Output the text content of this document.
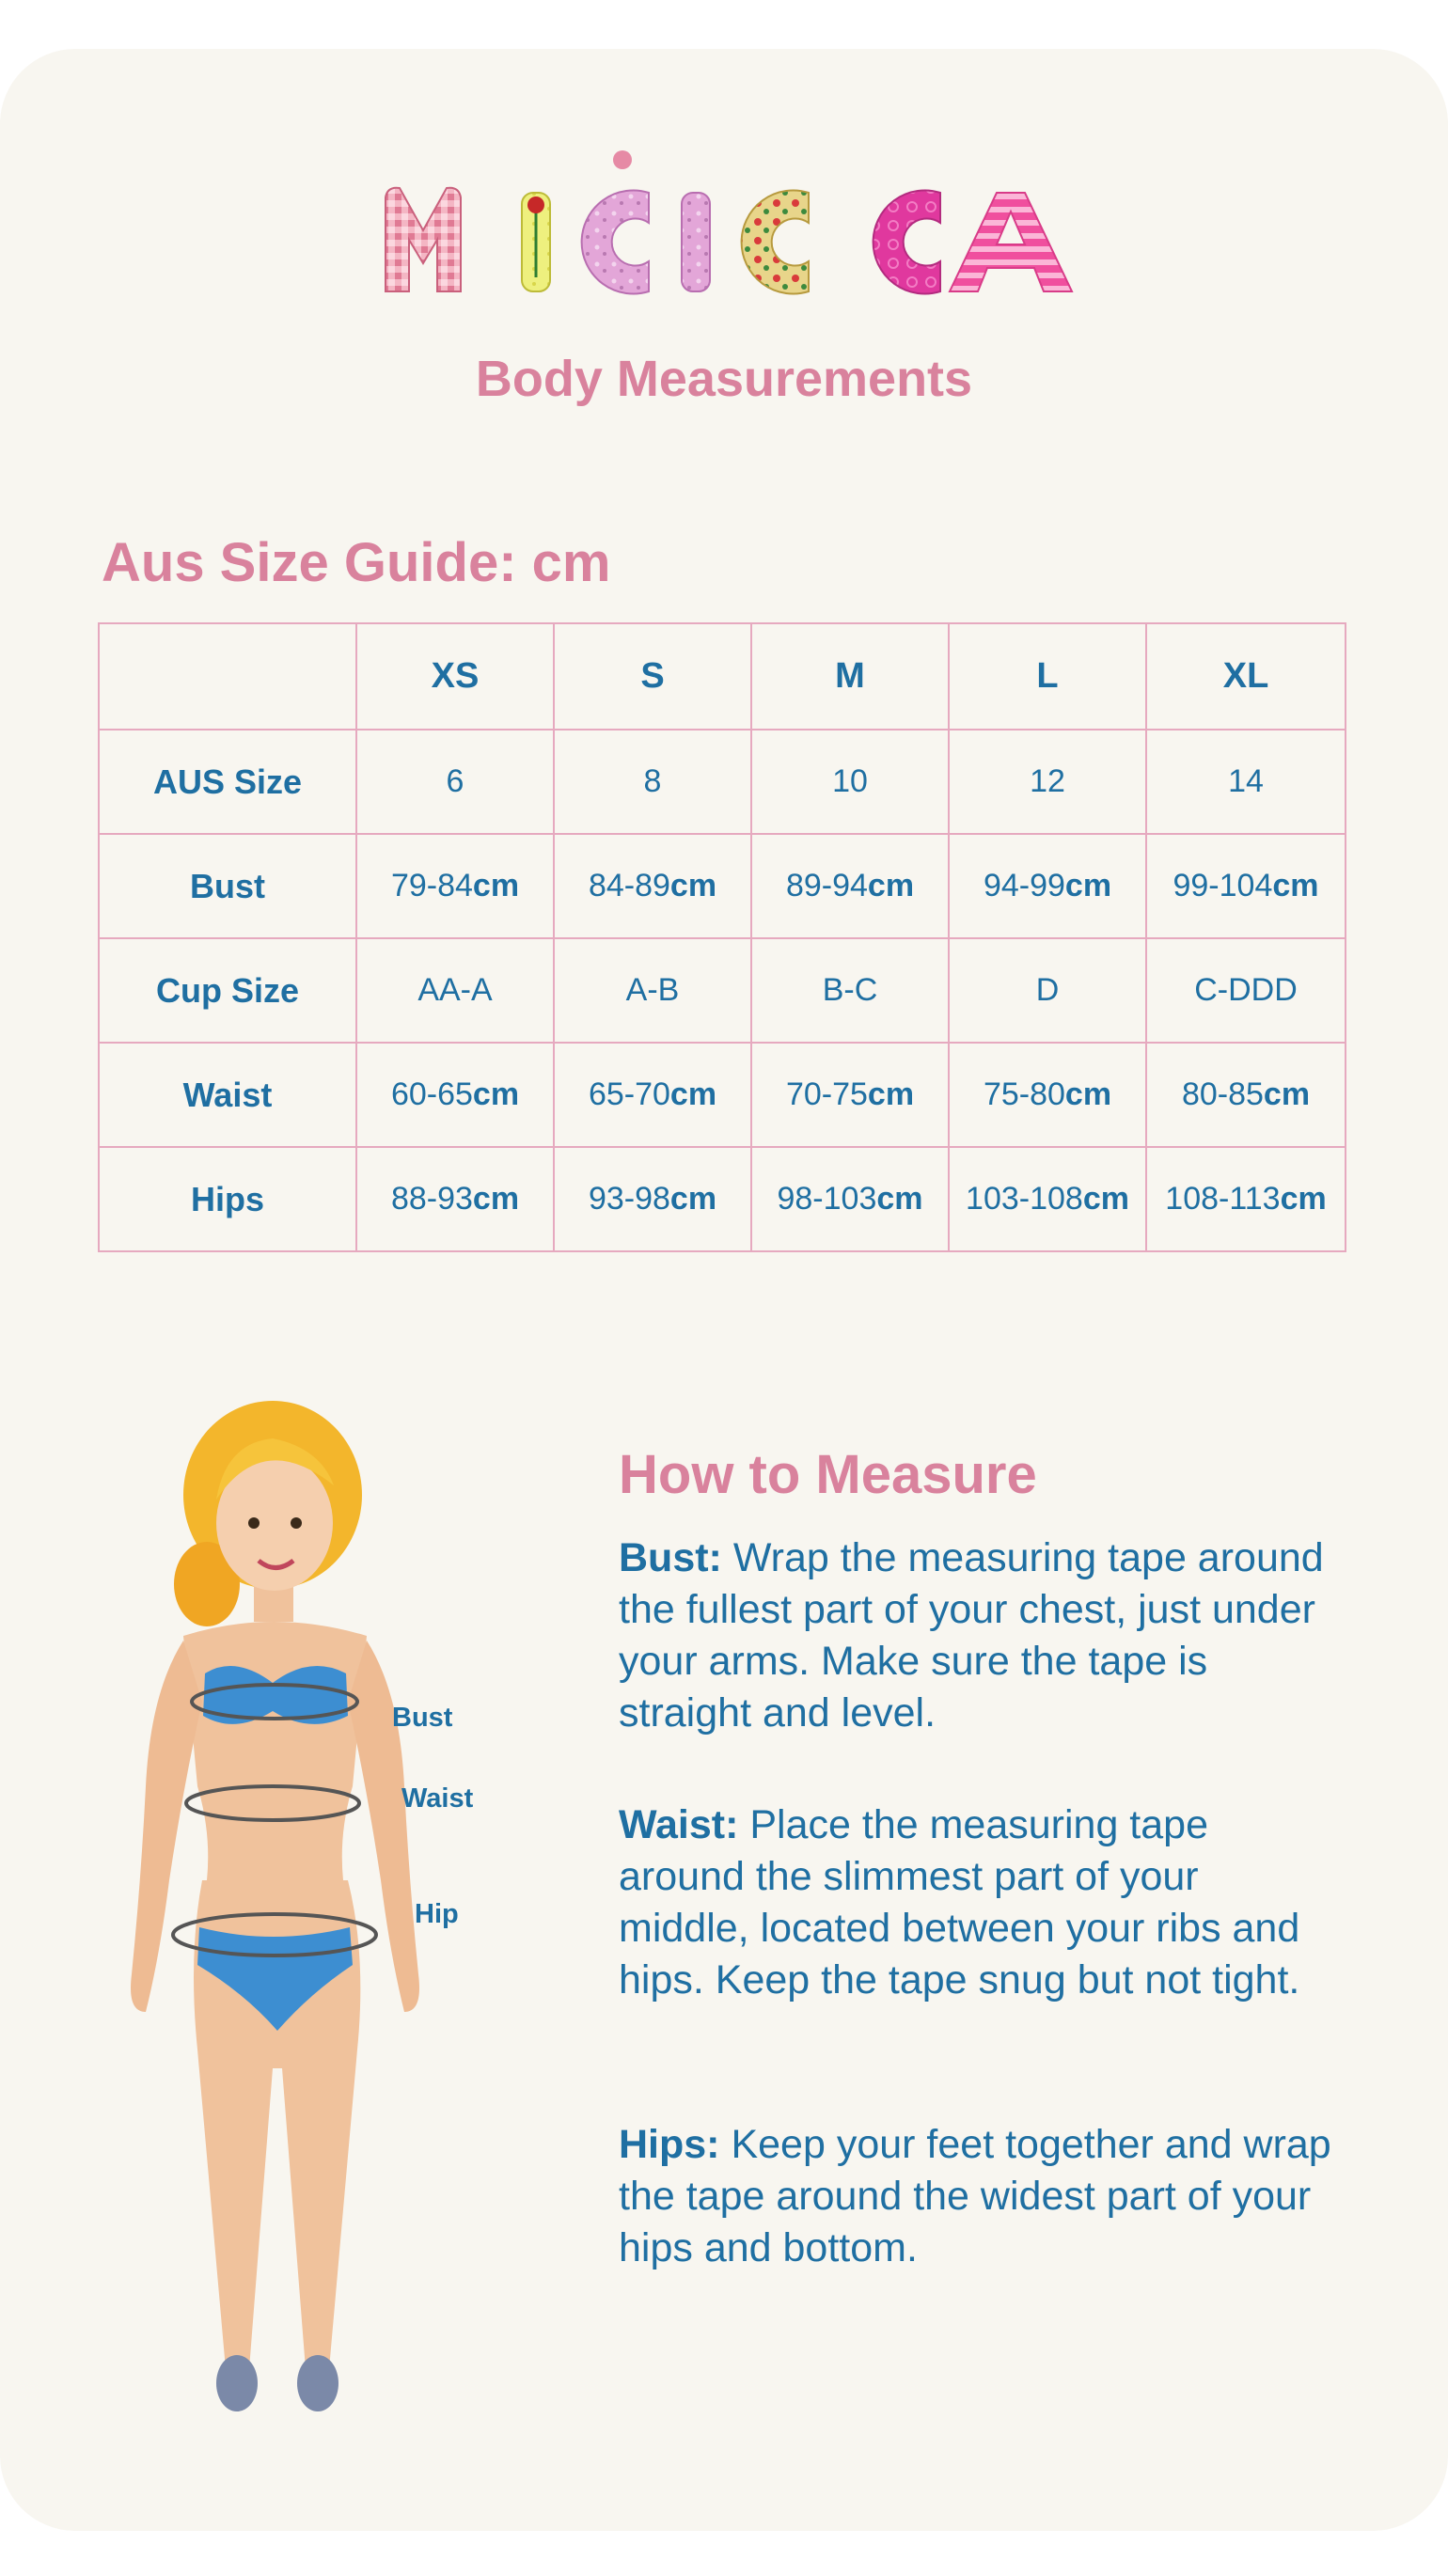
Body Measurements
Aus Size Guide: cm
	XS	S	M	L	XL
AUS Size	6	8	10	12	14
Bust	79-84cm	84-89cm	89-94cm	94-99cm	99-104cm
Cup Size	AA-A	A-B	B-C	D	C-DDD
Waist	60-65cm	65-70cm	70-75cm	75-80cm	80-85cm
Hips	88-93cm	93-98cm	98-103cm	103-108cm	108-113cm
Bust
Waist
Hip
How to Measure
Bust: Wrap the measuring tape around the fullest part of your chest, just under your arms. Make sure the tape is straight and level.
Waist: Place the measuring tape around the slimmest part of your middle, located between your ribs and hips. Keep the tape snug but not tight.
Hips: Keep your feet together and wrap the tape around the widest part of your hips and bottom.
